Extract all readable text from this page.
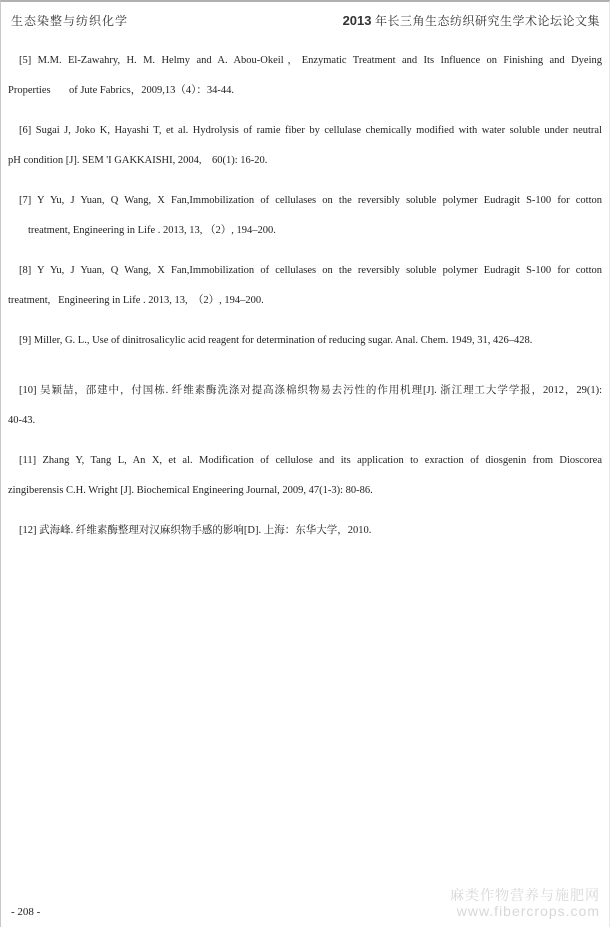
生态染整与纺织化学	2013 年长三角生态纺织研究生学术论坛论文集
[5] M.M. El-Zawahry, H. M. Helmy and A. Abou-Okeil，Enzymatic Treatment and Its Influence on Finishing and Dyeing
Properties       of Jute Fabrics，2009,13（4）：34-44.
[6] Sugai J, Joko K, Hayashi T, et al. Hydrolysis of ramie fiber by cellulase chemically modified with water soluble under neutral
pH condition [J]. SEM 'I GAKKAISHI, 2004,    60(1): 16-20.
[7] Y Yu, J Yuan, Q Wang, X Fan,Immobilization of cellulases on the reversibly soluble polymer Eudragit S-100 for cotton
treatment, Engineering in Life . 2013, 13, （2）, 194–200.
[8] Y Yu, J Yuan, Q Wang, X Fan,Immobilization of cellulases on the reversibly soluble polymer Eudragit S-100 for cotton
treatment,   Engineering in Life . 2013, 13,  （2）, 194–200.
[9] Miller, G. L., Use of dinitrosalicylic acid reagent for determination of reducing sugar. Anal. Chem. 1949, 31, 426–428.
[10] 吴颖喆，邵建中，付国栋. 纤维素酶洗涤对提高涤棉织物易去污性的作用机理[J]. 浙江理工大学学报，2012，29(1):
40-43.
[11] Zhang Y, Tang L, An X, et al. Modification of cellulose and its application to exraction of diosgenin from Dioscorea
zingiberensis C.H. Wright [J]. Biochemical Engineering Journal, 2009, 47(1-3): 80-86.
[12] 武海峰. 纤维素酶整理对汉麻织物手感的影响[D]. 上海：东华大学，2010.
- 208 -
麻类作物营养与施肥网
www.fibercrops.com
